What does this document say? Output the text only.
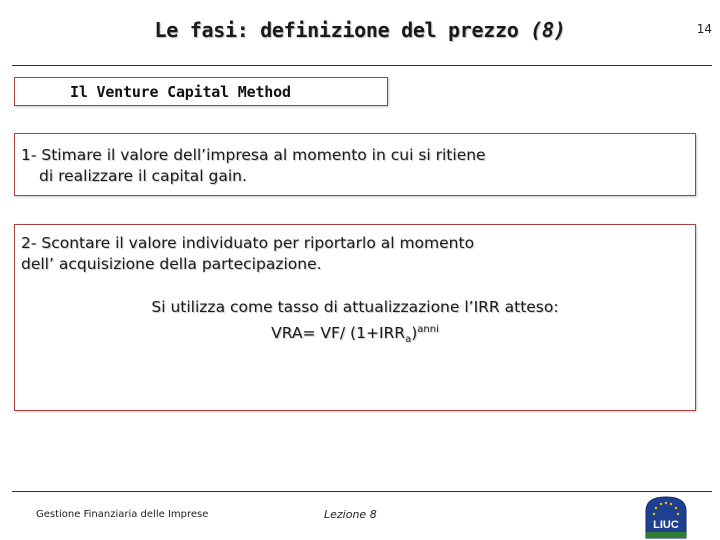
Le fasi: definizione del prezzo (8)	14
Il Venture Capital Method
1- Stimare il valore dell’impresa al momento in cui si ritiene
di realizzare il capital gain.
2- Scontare il valore individuato per riportarlo al momento
dell’ acquisizione della partecipazione.
Si utilizza come tasso di attualizzazione l’IRR atteso:
VRA= VF/ $(1+IRR_a)^{anni}$
Gestione Finanziaria delle Imprese	Lezione 8
LIUC
